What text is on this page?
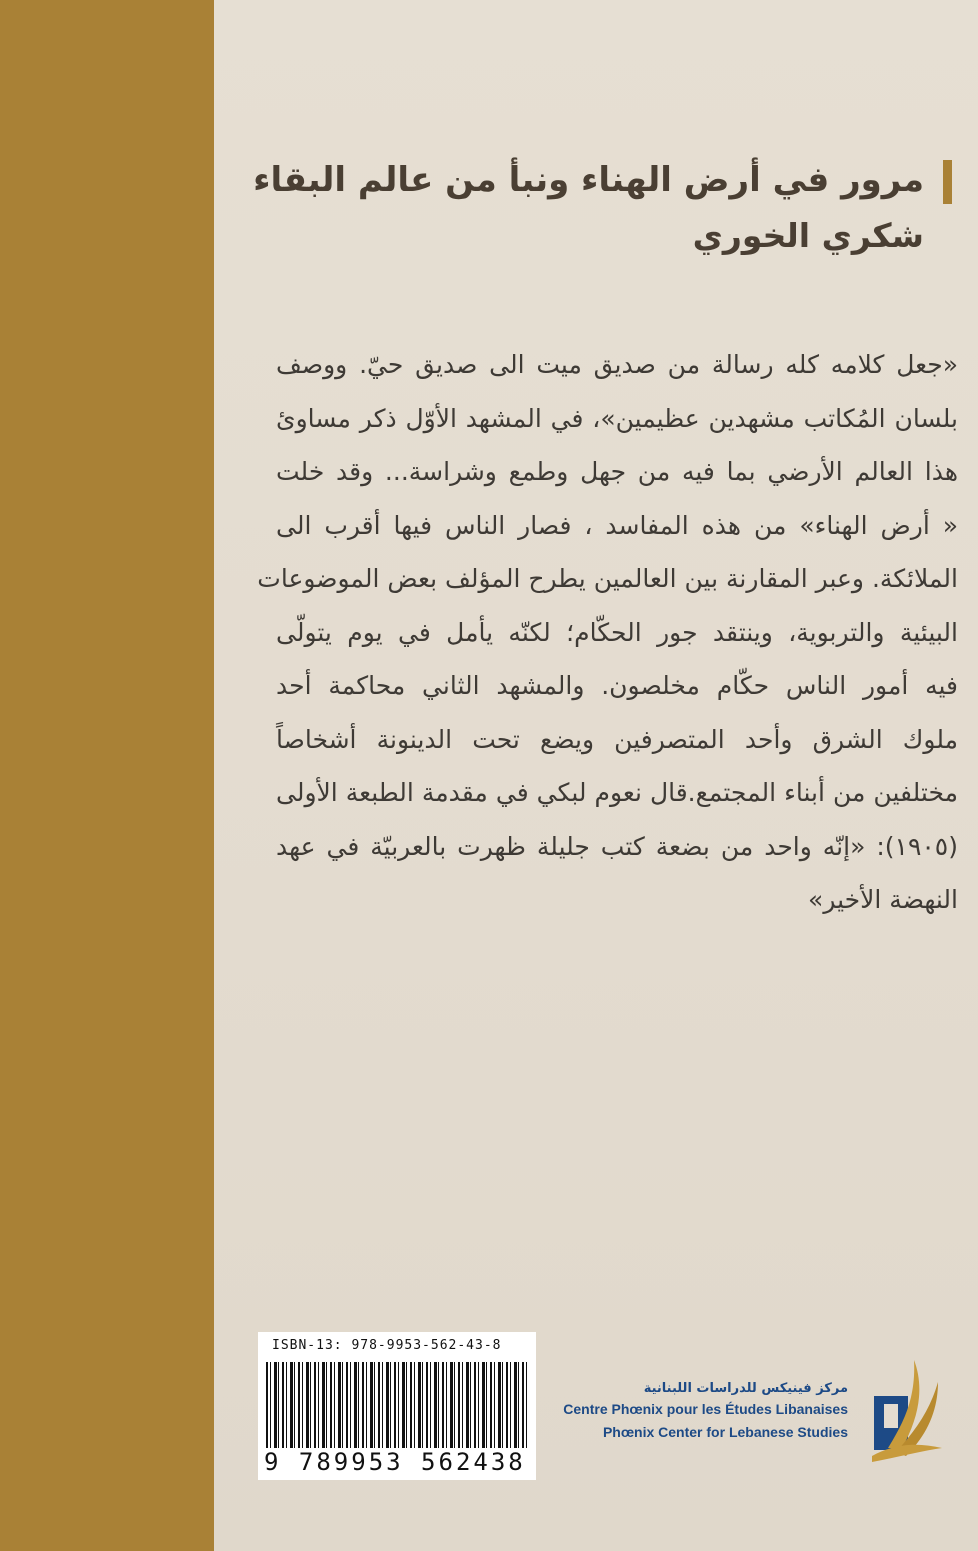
مرور في أرض الهناء ونبأ من عالم البقاء
شكري الخوري
«جعل كلامه كله رسالة من صديق ميت الى صديق حيّ. ووصف
بلسان المُكاتب مشهدين عظيمين»، في المشهد الأوّل ذكر مساوئ
هذا العالم الأرضي بما فيه من جهل وطمع وشراسة... وقد خلت
« أرض الهناء» من هذه المفاسد ، فصار الناس فيها أقرب الى
الملائكة. وعبر المقارنة بين العالمين يطرح المؤلف بعض الموضوعات
البيئية والتربوية، وينتقد جور الحكّام؛ لكنّه يأمل في يوم يتولّى
فيه أمور الناس حكّام مخلصون. والمشهد الثاني محاكمة أحد
ملوك الشرق وأحد المتصرفين ويضع تحت الدينونة أشخاصاً
مختلفين من أبناء المجتمع.قال نعوم لبكي في مقدمة الطبعة الأولى
(١٩٠٥): «إنّه واحد من بضعة كتب جليلة ظهرت بالعربيّة في عهد
النهضة الأخير»
ISBN-13: 978-9953-562-43-8
9 789953 562438
مركز فينيكس للدراسات اللبنانية
Centre Phœnix pour les Études Libanaises
Phœnix Center for Lebanese Studies
